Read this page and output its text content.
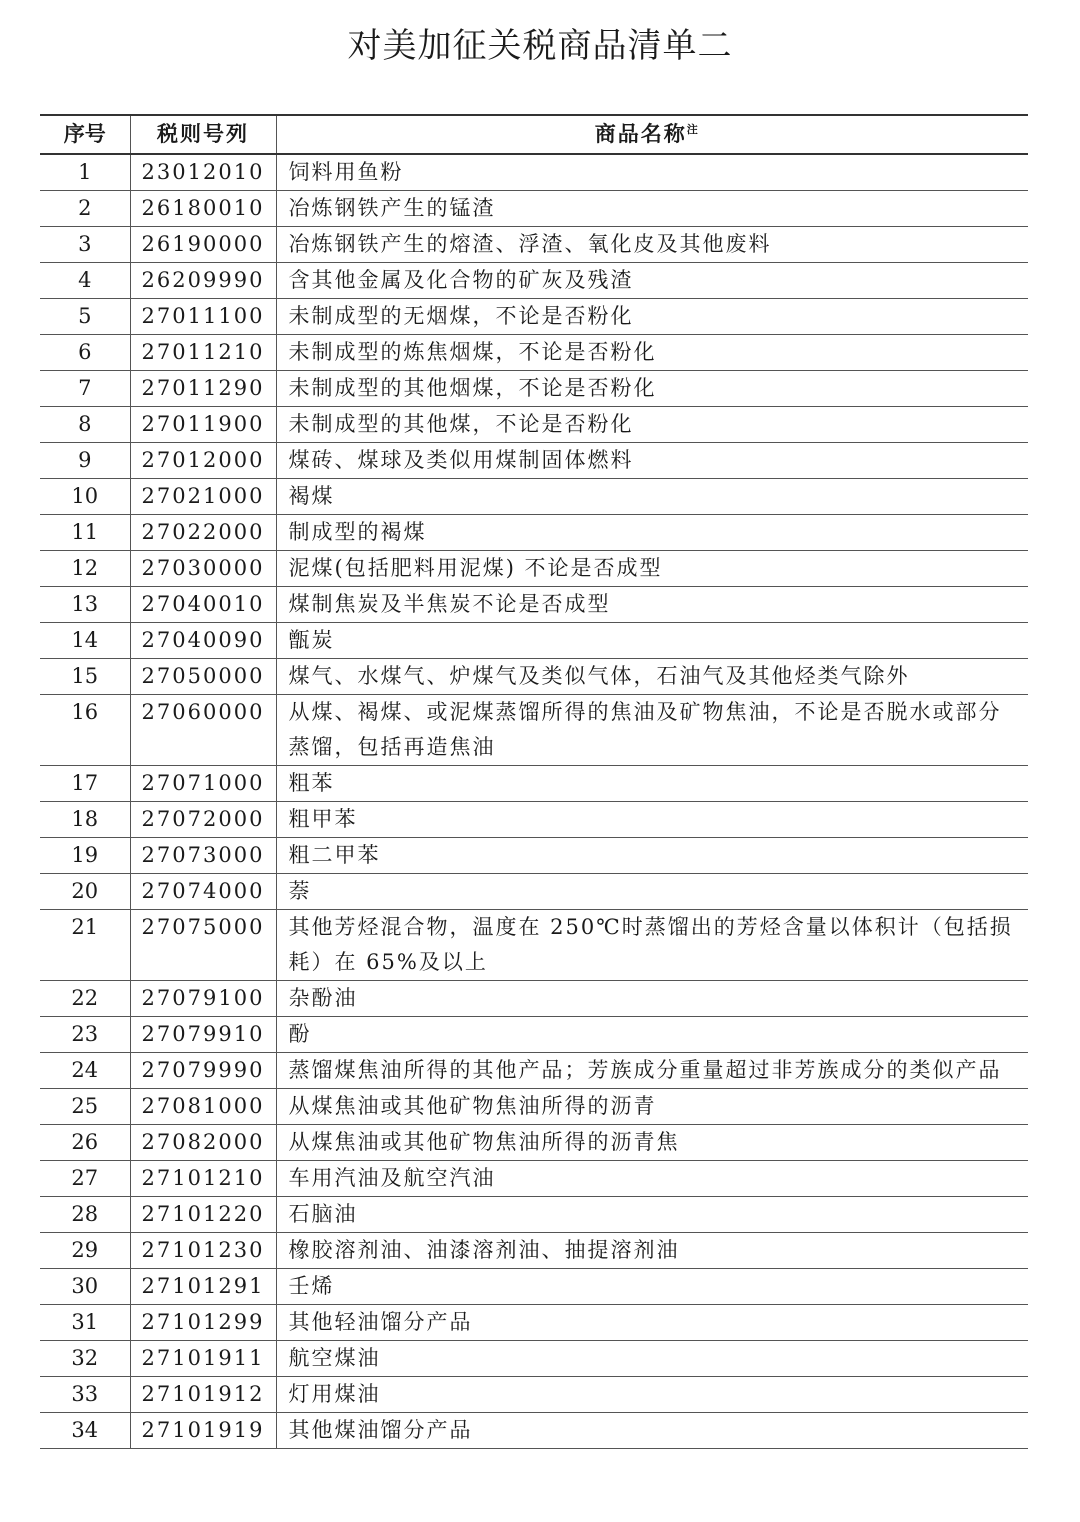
对美加征关税商品清单二
序号	税则号列	商品名称$^注$
1	23012010	饲料用鱼粉
2	26180010	冶炼钢铁产生的锰渣
3	26190000	冶炼钢铁产生的熔渣、浮渣、氧化皮及其他废料
4	26209990	含其他金属及化合物的矿灰及残渣
5	27011100	未制成型的无烟煤，不论是否粉化
6	27011210	未制成型的炼焦烟煤，不论是否粉化
7	27011290	未制成型的其他烟煤，不论是否粉化
8	27011900	未制成型的其他煤，不论是否粉化
9	27012000	煤砖、煤球及类似用煤制固体燃料
10	27021000	褐煤
11	27022000	制成型的褐煤
12	27030000	泥煤(包括肥料用泥煤) 不论是否成型
13	27040010	煤制焦炭及半焦炭不论是否成型
14	27040090	甑炭
15	27050000	煤气、水煤气、炉煤气及类似气体，石油气及其他烃类气除外
16	27060000	从煤、褐煤、或泥煤蒸馏所得的焦油及矿物焦油，不论是否脱水或部分蒸馏，包括再造焦油
17	27071000	粗苯
18	27072000	粗甲苯
19	27073000	粗二甲苯
20	27074000	萘
21	27075000	其他芳烃混合物，温度在 250℃时蒸馏出的芳烃含量以体积计（包括损耗）在 65%及以上
22	27079100	杂酚油
23	27079910	酚
24	27079990	蒸馏煤焦油所得的其他产品；芳族成分重量超过非芳族成分的类似产品
25	27081000	从煤焦油或其他矿物焦油所得的沥青
26	27082000	从煤焦油或其他矿物焦油所得的沥青焦
27	27101210	车用汽油及航空汽油
28	27101220	石脑油
29	27101230	橡胶溶剂油、油漆溶剂油、抽提溶剂油
30	27101291	壬烯
31	27101299	其他轻油馏分产品
32	27101911	航空煤油
33	27101912	灯用煤油
34	27101919	其他煤油馏分产品
